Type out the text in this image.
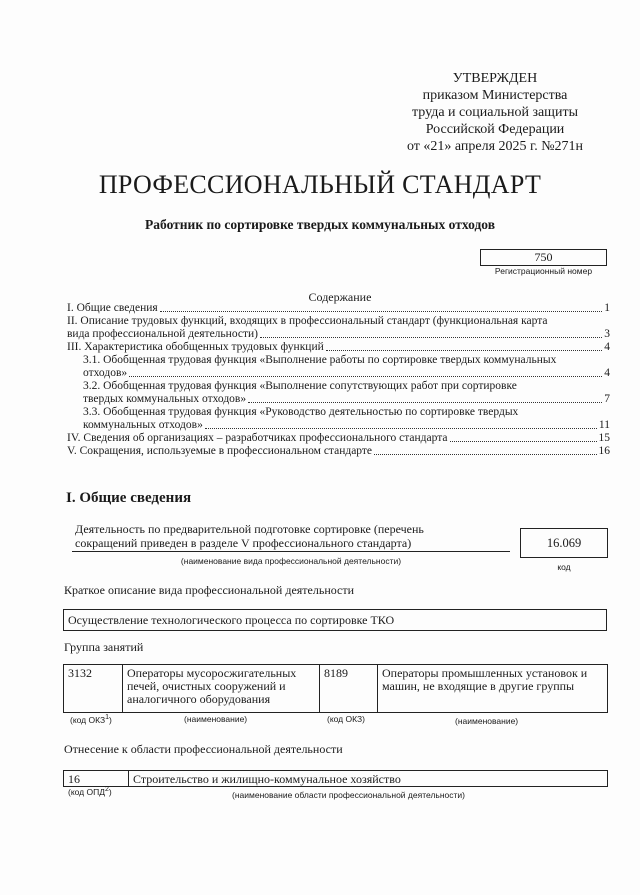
УТВЕРЖДЕН
приказом Министерства
труда и социальной защиты
Российской Федерации
от «21» апреля 2025 г. №271н
ПРОФЕССИОНАЛЬНЫЙ СТАНДАРТ
Работник по сортировке твердых коммунальных отходов
750
Регистрационный номер
Содержание
I. Общие сведения	1
II. Описание трудовых функций, входящих в профессиональный стандарт (функциональная карта
вида профессиональной деятельности)	3
III. Характеристика обобщенных трудовых функций	4
3.1. Обобщенная трудовая функция «Выполнение работы по сортировке твердых коммунальных
отходов»	4
3.2. Обобщенная трудовая функция «Выполнение сопутствующих работ при сортировке
твердых коммунальных отходов»	7
3.3. Обобщенная трудовая функция «Руководство деятельностью по сортировке твердых
коммунальных отходов»	11
IV. Сведения об организациях – разработчиках профессионального стандарта	15
V. Сокращения, используемые в профессиональном стандарте	16
I. Общие сведения
Деятельность по предварительной подготовке сортировке (перечень
сокращений приведен в разделе V профессионального стандарта)
(наименование вида профессиональной деятельности)
16.069
код
Краткое описание вида профессиональной деятельности
Осуществление технологического процесса по сортировке ТКО
Группа занятий
3132	Операторы мусоросжигательных печей, очистных сооружений и аналогичного оборудования	8189	Операторы промышленных установок и машин, не входящие в другие группы
(код ОКЗ$^1$)	(наименование)	(код ОКЗ)	(наименование)
Отнесение к области профессиональной деятельности
16	Строительство и жилищно-коммунальное хозяйство
(код ОПД$^2$)	(наименование области профессиональной деятельности)
